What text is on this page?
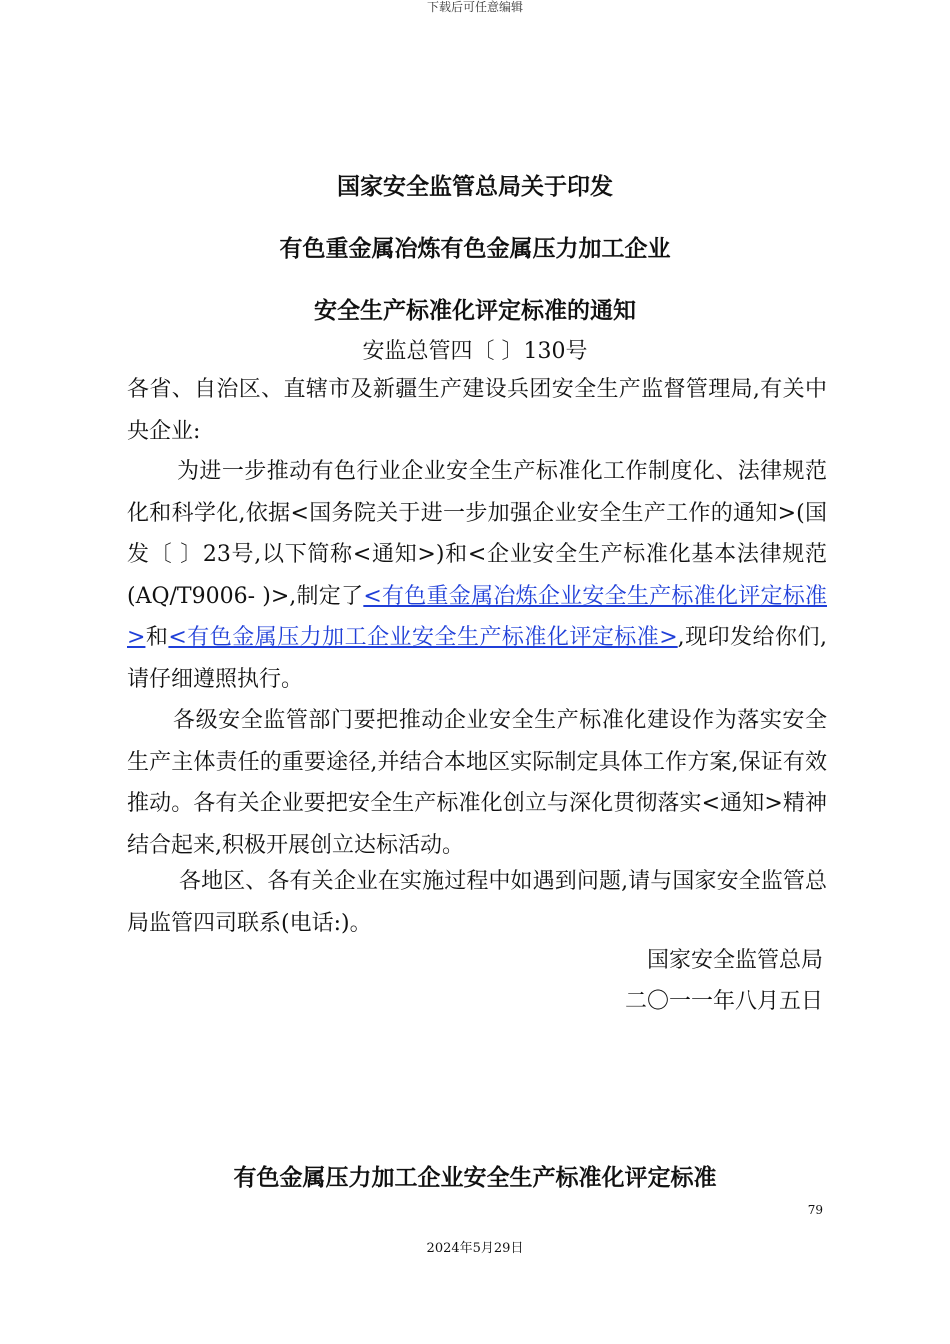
下载后可任意编辑
国家安全监管总局关于印发
有色重金属冶炼有色金属压力加工企业
安全生产标准化评定标准的通知
安监总管四〔 〕130号

各省、自治区、直辖市及新疆生产建设兵团安全生产监督管理局,有关中央企业:

为进一步推动有色行业企业安全生产标准化工作制度化、法律规范化和科学化,依据<国务院关于进一步加强企业安全生产工作的通知>(国发〔 〕23号,以下简称<通知>)和<企业安全生产标准化基本法律规范(AQ/T9006- )>,制定了<有色重金属冶炼企业安全生产标准化评定标准>和<有色金属压力加工企业安全生产标准化评定标准>,现印发给你们,请仔细遵照执行。

各级安全监管部门要把推动企业安全生产标准化建设作为落实安全生产主体责任的重要途径,并结合本地区实际制定具体工作方案,保证有效推动。各有关企业要把安全生产标准化创立与深化贯彻落实<通知>精神结合起来,积极开展创立达标活动。

各地区、各有关企业在实施过程中如遇到问题,请与国家安全监管总局监管四司联系(电话:)。

国家安全监管总局
二〇一一年八月五日
有色金属压力加工企业安全生产标准化评定标准
79
2024年5月29日
